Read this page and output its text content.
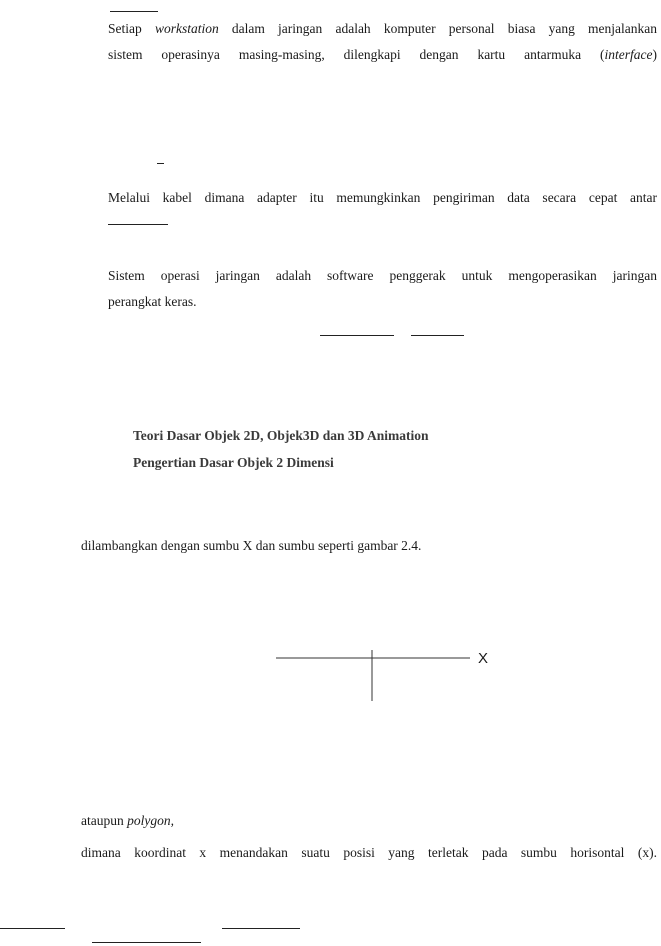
Setiap workstation dalam jaringan adalah komputer personal biasa yang menjalankan
sistem operasinya masing-masing, dilengkapi dengan kartu antarmuka (interface)
Melalui kabel dimana adapter itu memungkinkan pengiriman data secara cepat antar
Sistem operasi jaringan adalah software penggerak untuk mengoperasikan jaringan
perangkat keras.
Teori Dasar Objek 2D, Objek3D dan 3D Animation
Pengertian Dasar Objek 2 Dimensi
dilambangkan dengan sumbu X dan sumbu seperti gambar 2.4.
X
ataupun polygon,
dimana koordinat x menandakan suatu posisi yang terletak pada sumbu horisontal (x).
